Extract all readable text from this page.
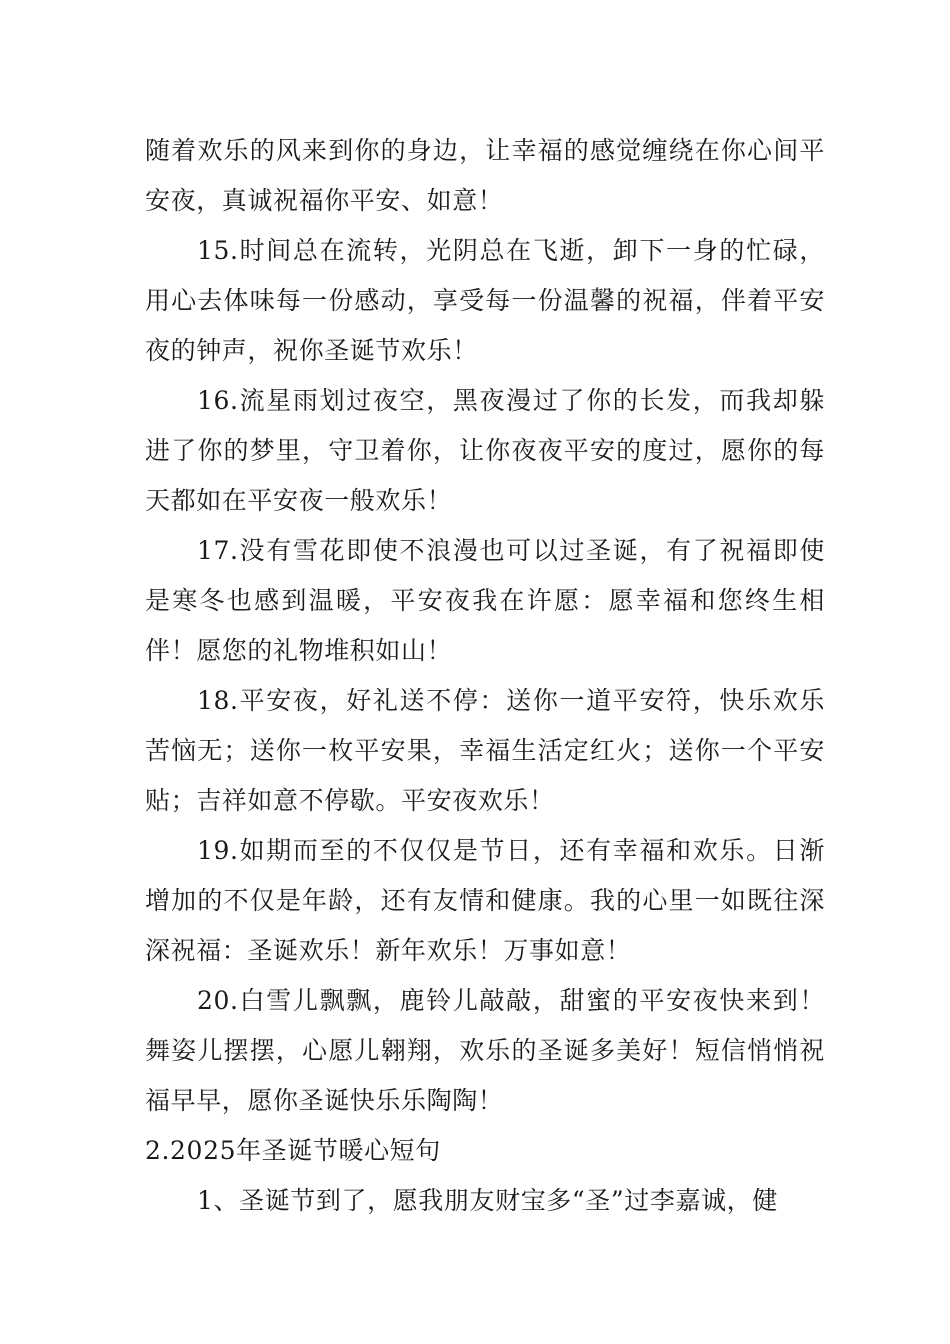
随着欢乐的风来到你的身边，让幸福的感觉缠绕在你心间平安夜，真诚祝福你平安、如意！

15.时间总在流转，光阴总在飞逝，卸下一身的忙碌，用心去体味每一份感动，享受每一份温馨的祝福，伴着平安夜的钟声，祝你圣诞节欢乐！

16.流星雨划过夜空，黑夜漫过了你的长发，而我却躲进了你的梦里，守卫着你，让你夜夜平安的度过，愿你的每天都如在平安夜一般欢乐！

17.没有雪花即使不浪漫也可以过圣诞，有了祝福即使是寒冬也感到温暖，平安夜我在许愿：愿幸福和您终生相伴！愿您的礼物堆积如山！

18.平安夜，好礼送不停：送你一道平安符，快乐欢乐苦恼无；送你一枚平安果，幸福生活定红火；送你一个平安贴；吉祥如意不停歇。平安夜欢乐！

19.如期而至的不仅仅是节日，还有幸福和欢乐。日渐增加的不仅是年龄，还有友情和健康。我的心里一如既往深深祝福：圣诞欢乐！新年欢乐！万事如意！

20.白雪儿飘飘，鹿铃儿敲敲，甜蜜的平安夜快来到！舞姿儿摆摆，心愿儿翱翔，欢乐的圣诞多美好！短信悄悄祝福早早，愿你圣诞快乐乐陶陶！

2.2025年圣诞节暖心短句

1、圣诞节到了，愿我朋友财宝多“圣”过李嘉诚，健
